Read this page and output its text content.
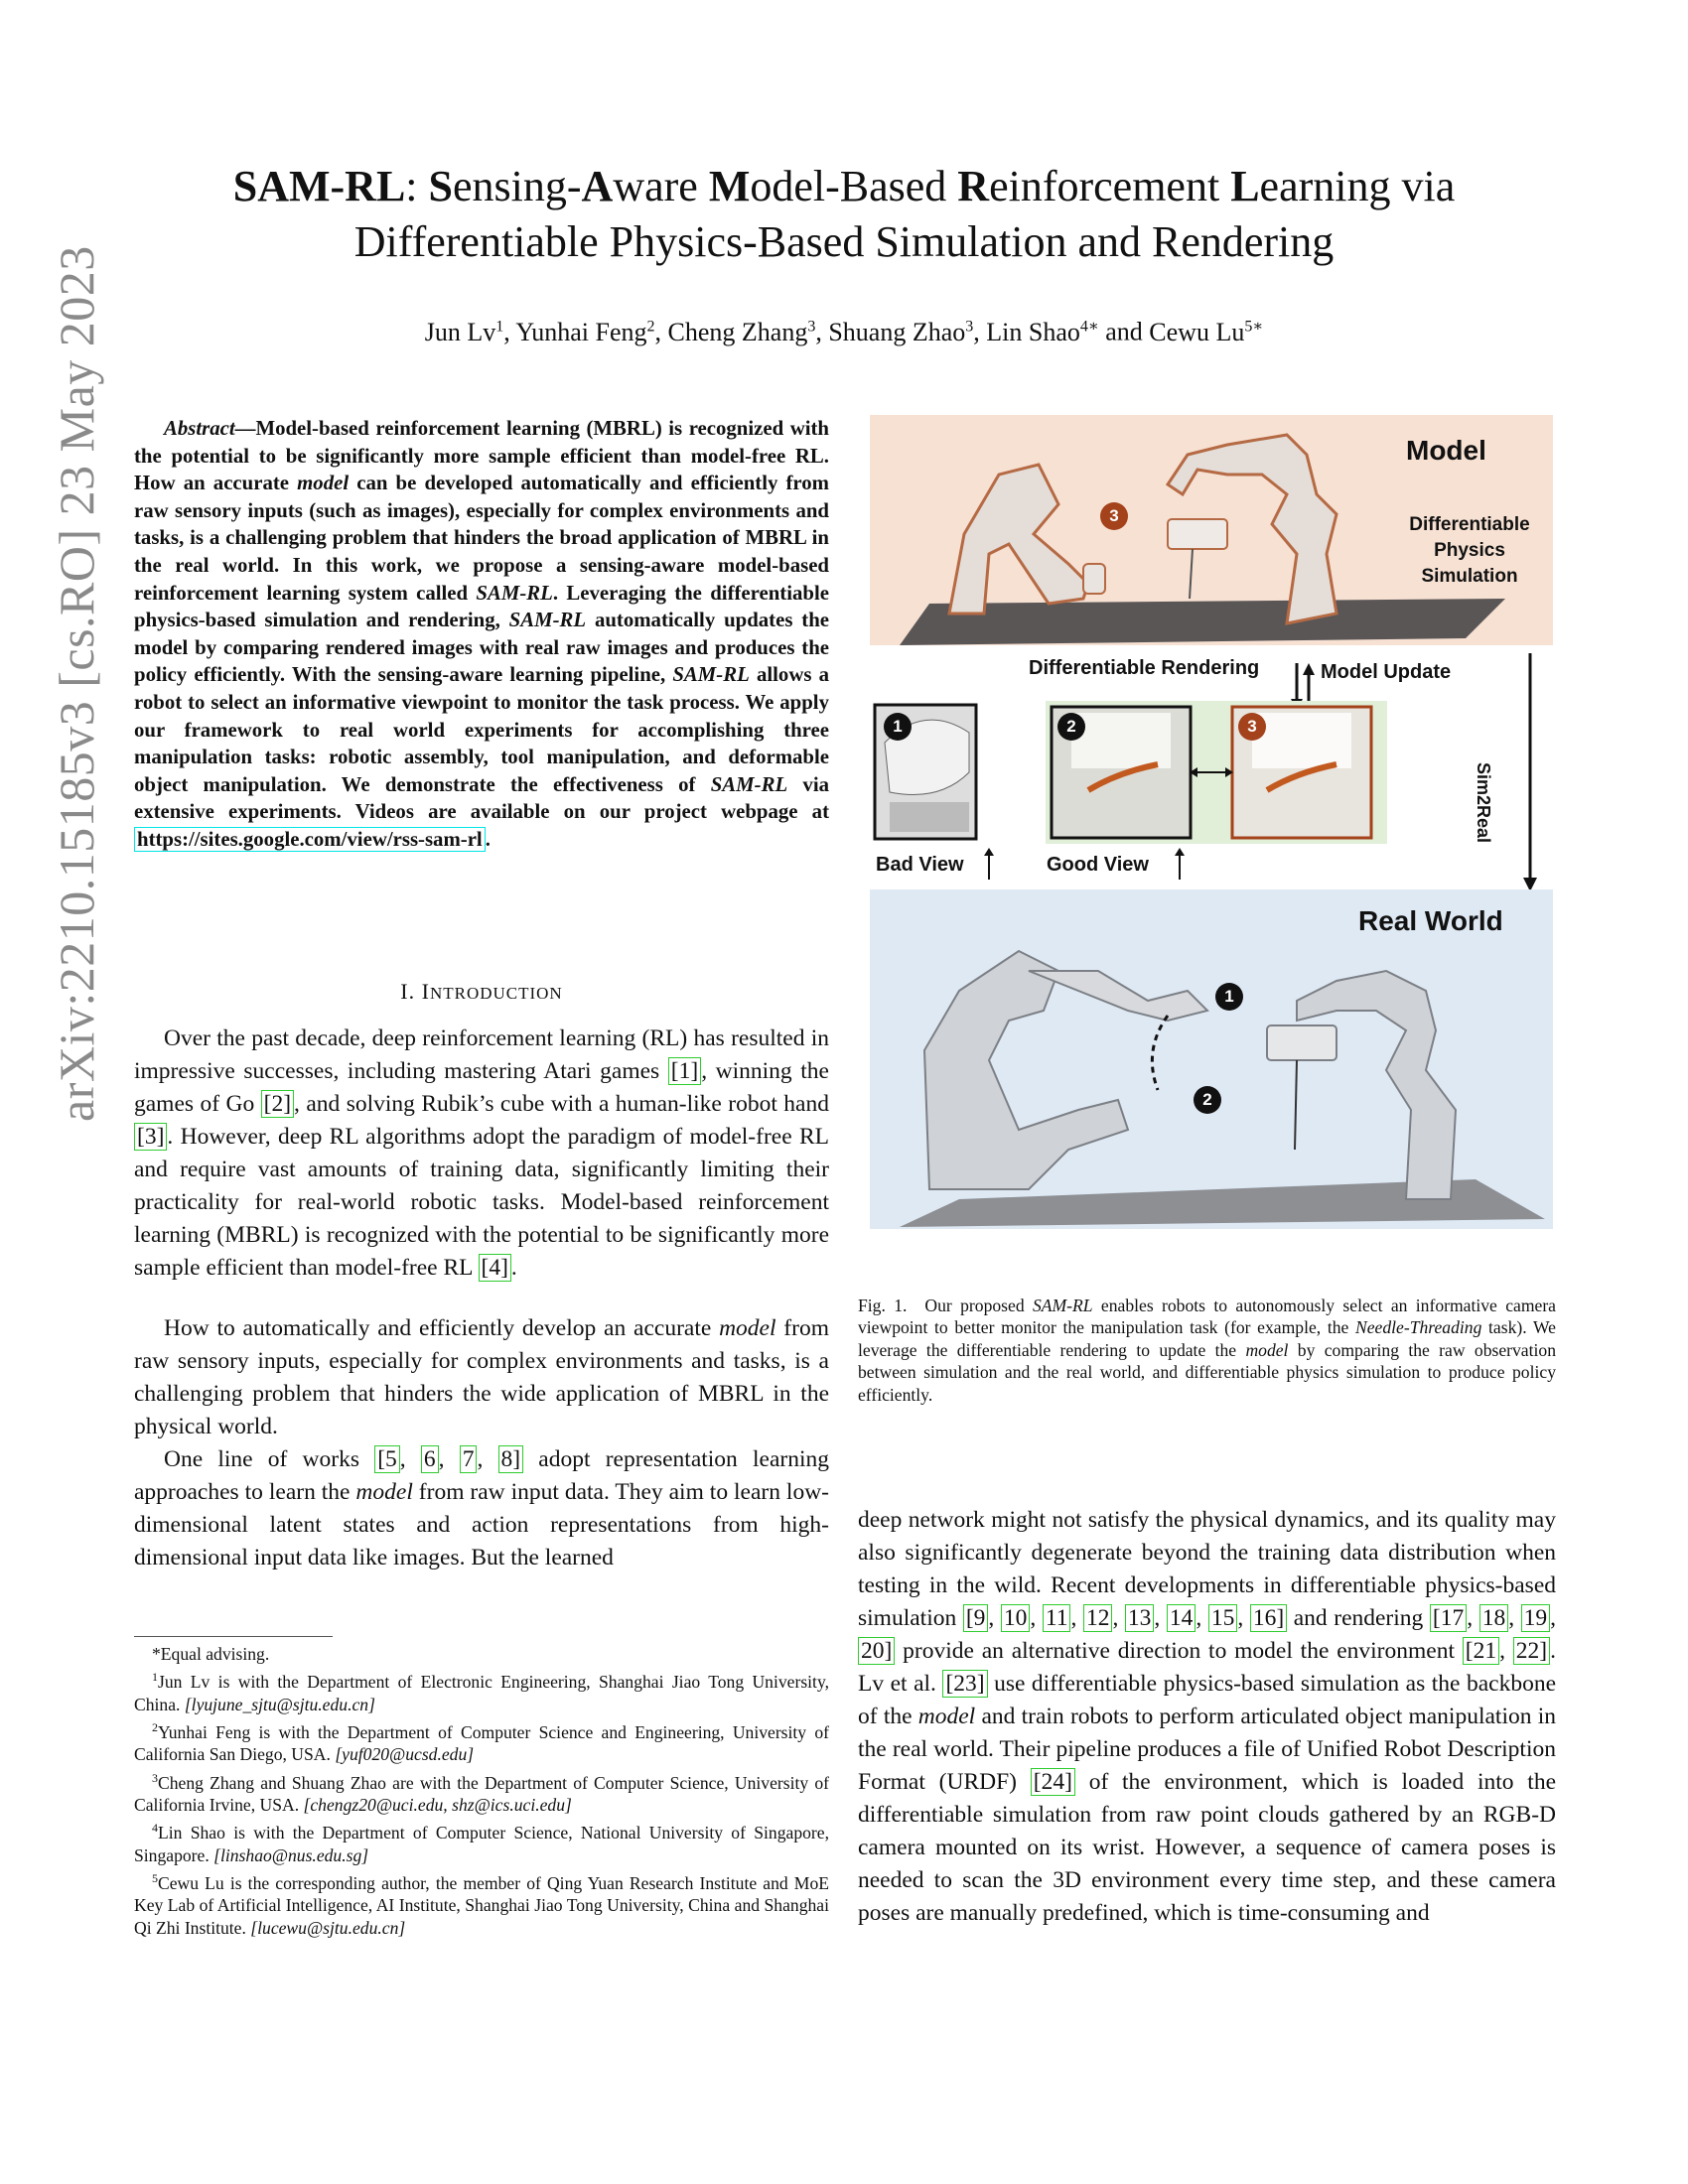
arXiv:2210.15185v3 [cs.RO] 23 May 2023
SAM-RL: Sensing-Aware Model-Based Reinforcement Learning via
Differentiable Physics-Based Simulation and Rendering
Jun Lv$^1$, Yunhai Feng$^2$, Cheng Zhang$^3$, Shuang Zhao$^3$, Lin Shao$^{4∗}$ and Cewu $Lu^{5∗}$

Abstract—Model-based reinforcement learning (MBRL) is recognized with the potential to be significantly more sample efficient than model-free RL. How an accurate model can be developed automatically and efficiently from raw sensory inputs (such as images), especially for complex environments and tasks, is a challenging problem that hinders the broad application of MBRL in the real world. In this work, we propose a sensing-aware model-based reinforcement learning system called SAM-RL. Leveraging the differentiable physics-based simulation and rendering, SAM-RL automatically updates the model by comparing rendered images with real raw images and produces the policy efficiently. With the sensing-aware learning pipeline, SAM-RL allows a robot to select an informative viewpoint to monitor the task process. We apply our framework to real world experiments for accomplishing three manipulation tasks: robotic assembly, tool manipulation, and deformable object manipulation. We demonstrate the effectiveness of SAM-RL via extensive experiments. Videos are available on our project webpage at https://sites.google.com/view/rss-sam-rl .

I. INTRODUCTION

Over the past decade, deep reinforcement learning (RL) has resulted in impressive successes, including mastering Atari games [1] , winning the games of Go [2] , and solving Rubik’s cube with a human-like robot hand [3] . However, deep RL algorithms adopt the paradigm of model-free RL and require vast amounts of training data, significantly limiting their practicality for real-world robotic tasks. Model-based reinforcement learning (MBRL) is recognized with the potential to be significantly more sample efficient than model-free RL [4] .

How to automatically and efficiently develop an accurate model from raw sensory inputs, especially for complex environments and tasks, is a challenging problem that hinders the wide application of MBRL in the physical world.

One line of works [5 , 6 , 7 , 8] adopt representation learning approaches to learn the model from raw input data. They aim to learn low-dimensional latent states and action representations from high-dimensional input data like images. But the learned

*Equal advising.

$^1$Jun Lv is with the Department of Electronic Engineering, Shanghai Jiao Tong University, China. [lyujune_sjtu@sjtu.edu.cn]

$^2$Yunhai Feng is with the Department of Computer Science and Engineering, University of California San Diego, USA. [yuf020@ucsd.edu]

$^3$Cheng Zhang and Shuang Zhao are with the Department of Computer Science, University of California Irvine, USA. [chengz20@uci.edu, shz@ics.uci.edu]

$^4$Lin Shao is with the Department of Computer Science, National University of Singapore, Singapore. [linshao@nus.edu.sg]

$^5$Cewu Lu is the corresponding author, the member of Qing Yuan Research Institute and MoE Key Lab of Artificial Intelligence, AI Institute, Shanghai Jiao Tong University, China and Shanghai Qi Zhi Institute. [lucewu@sjtu.edu.cn]

Model
Differentiable
Physics
Simulation
Differentiable Rendering	Model Update
Sim2Real
Bad View	Good View
Real World
3
1	2	3
1
2
Fig. 1. Our proposed SAM-RL enables robots to autonomously select an informative camera viewpoint to better monitor the manipulation task (for example, the Needle-Threading task). We leverage the differentiable rendering to update the model by comparing the raw observation between simulation and the real world, and differentiable physics simulation to produce policy efficiently.

deep network might not satisfy the physical dynamics, and its quality may also significantly degenerate beyond the training data distribution when testing in the wild. Recent developments in differentiable physics-based simulation [9 , 10 , 11 , 12 , 13 , 14 , 15 , 16] and rendering [17 , 18 , 19 , 20] provide an alternative direction to model the environment [21 , 22] . Lv et al. [23] use differentiable physics-based simulation as the backbone of the model and train robots to perform articulated object manipulation in the real world. Their pipeline produces a file of Unified Robot Description Format (URDF) [24] of the environment, which is loaded into the differentiable simulation from raw point clouds gathered by an RGB-D camera mounted on its wrist. However, a sequence of camera poses is needed to scan the 3D environment every time step, and these camera poses are manually predefined, which is time-consuming and
